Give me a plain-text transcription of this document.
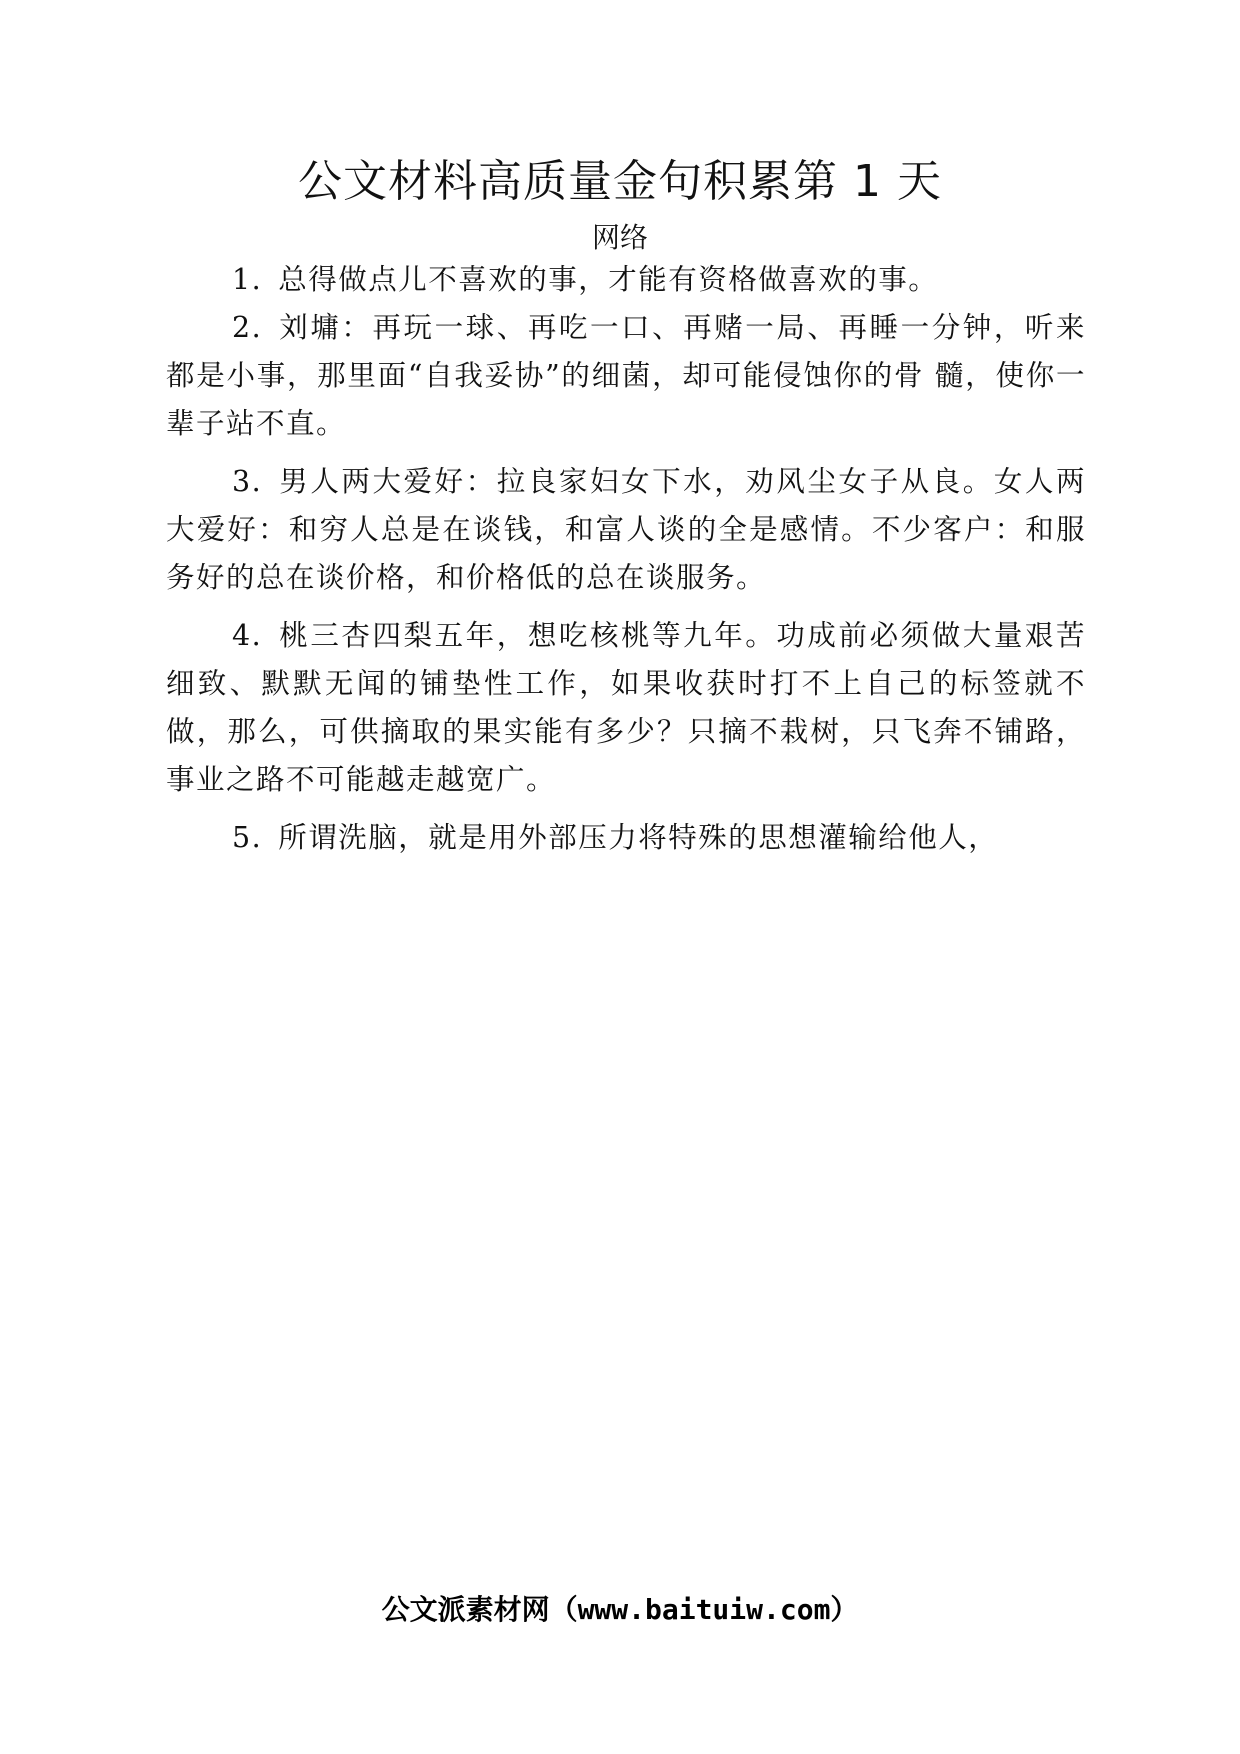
公文材料高质量金句积累第 1 天
网络

1. 总得做点儿不喜欢的事，才能有资格做喜欢的事。

2. 刘墉：再玩一球、再吃一口、再赌一局、再睡一分钟，听来都是小事，那里面“自我妥协”的细菌，却可能侵蚀你的骨 髓，使你一辈子站不直。

3. 男人两大爱好：拉良家妇女下水，劝风尘女子从良。女人两大爱好：和穷人总是在谈钱，和富人谈的全是感情。不少客户：和服务好的总在谈价格，和价格低的总在谈服务。

4. 桃三杏四梨五年，想吃核桃等九年。功成前必须做大量艰苦细致、默默无闻的铺垫性工作，如果收获时打不上自己的标签就不做，那么，可供摘取的果实能有多少？只摘不栽树，只飞奔不铺路，事业之路不可能越走越宽广。

5. 所谓洗脑，就是用外部压力将特殊的思想灌输给他人，

公文派素材网（www.baituiw.com）
